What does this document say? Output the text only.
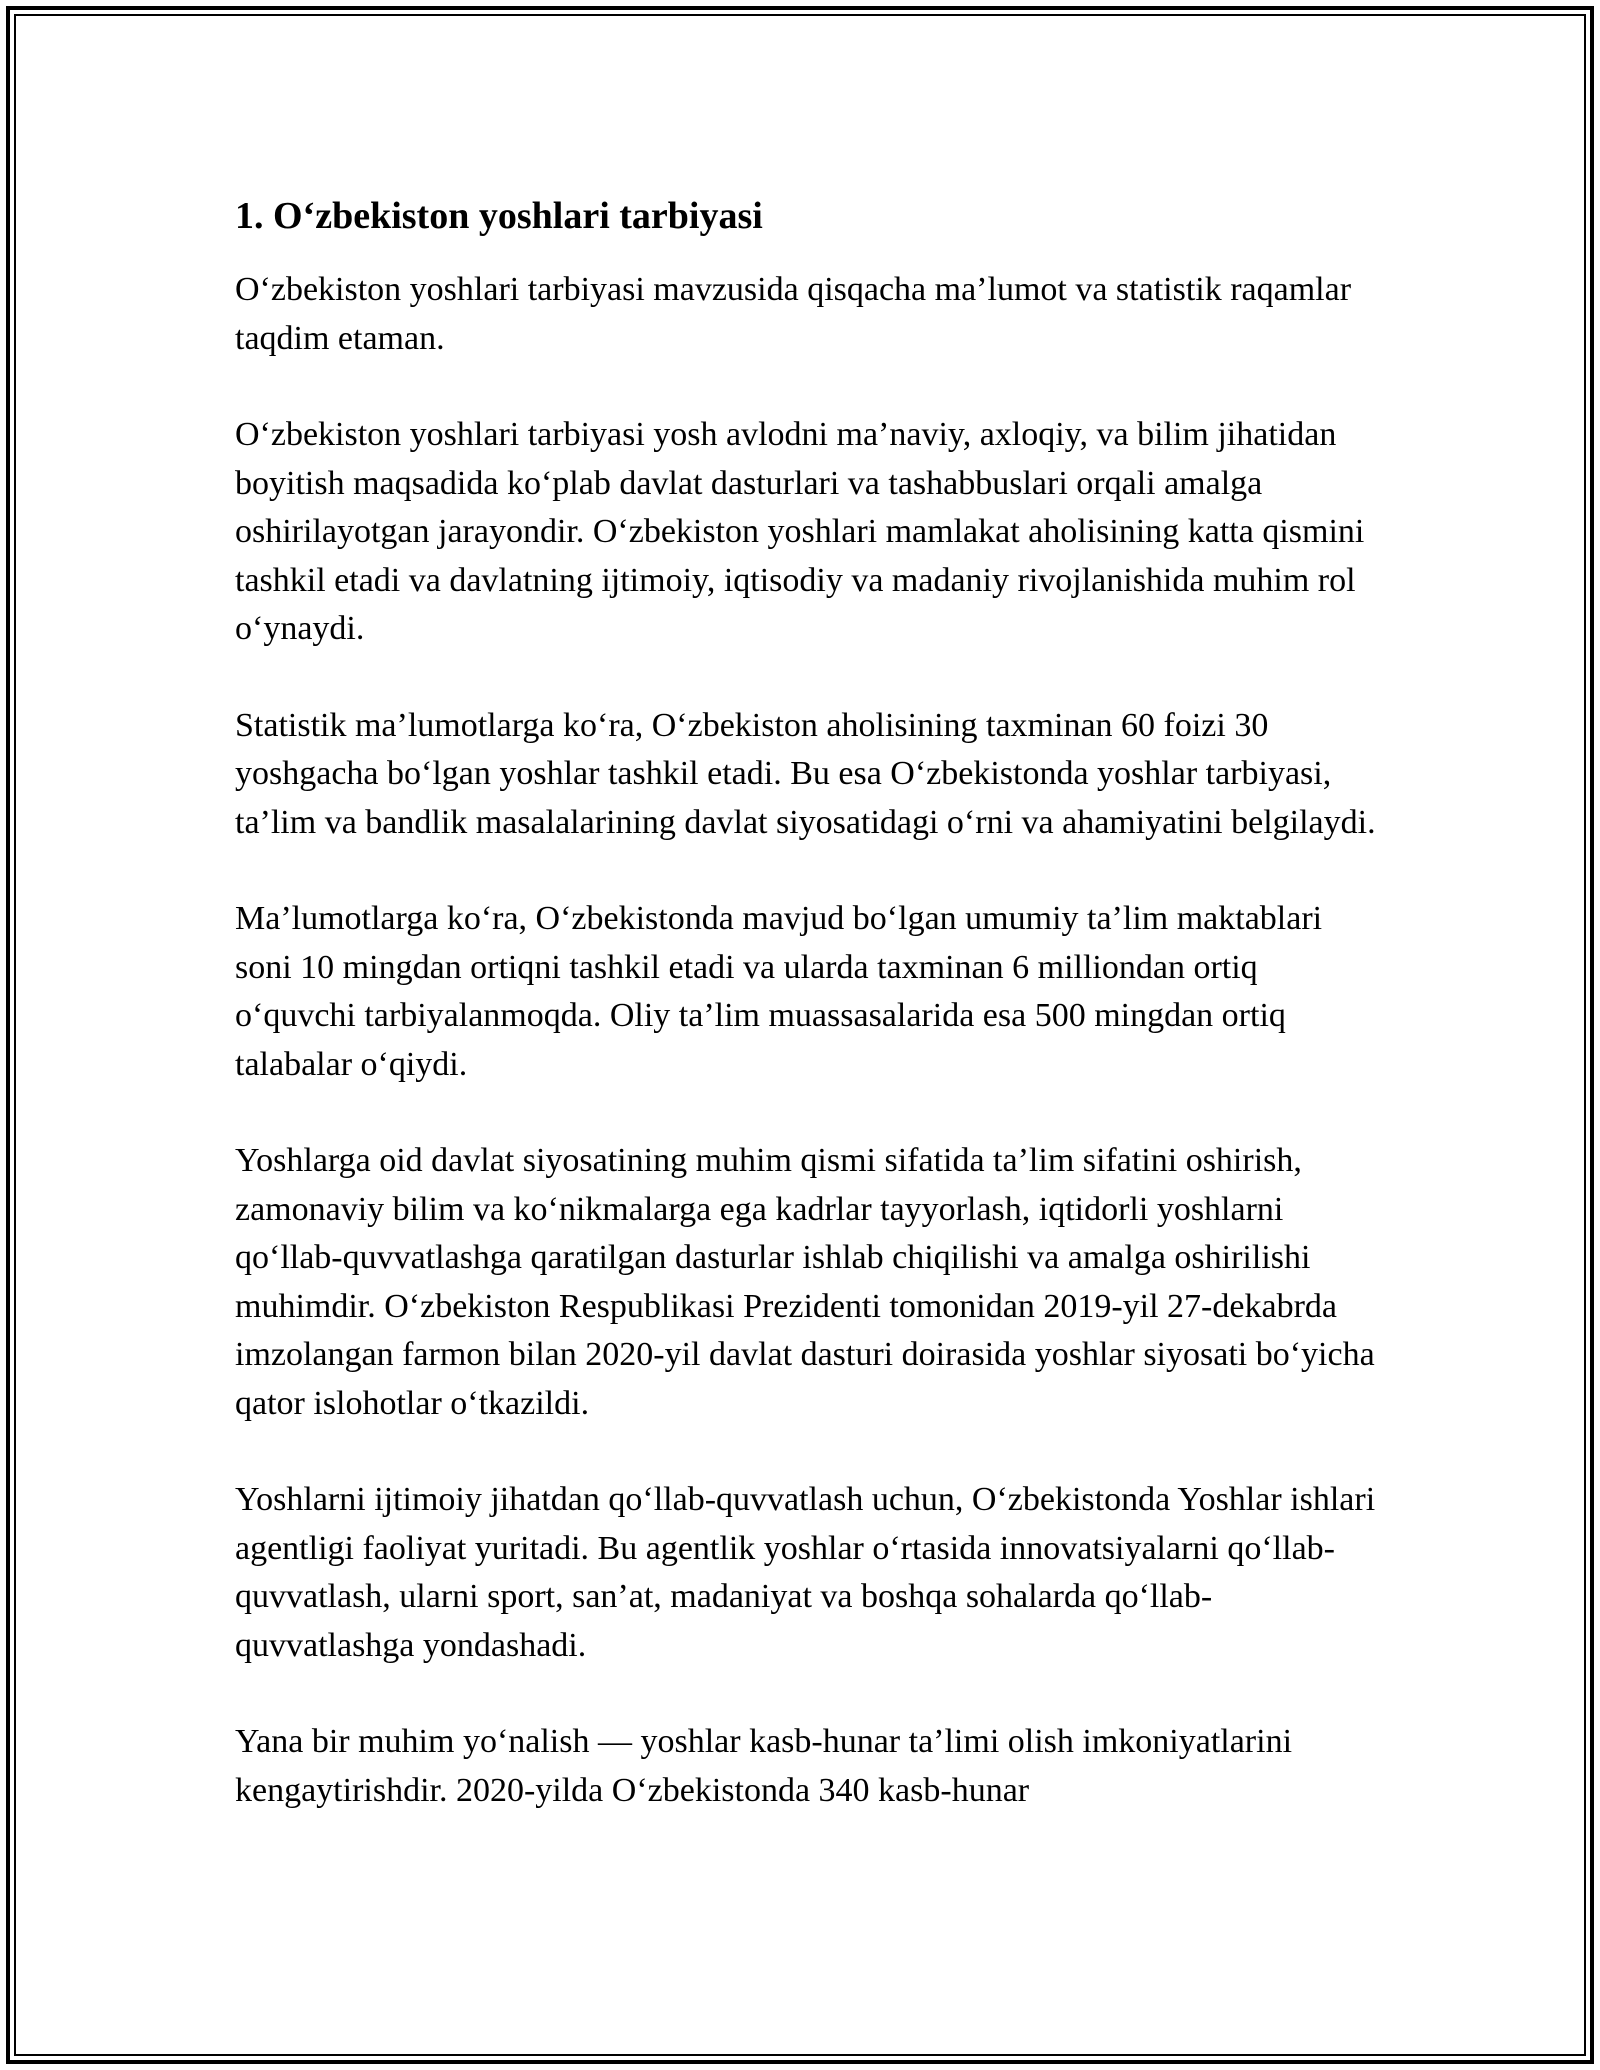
1. O‘zbekiston yoshlari tarbiyasi

O‘zbekiston yoshlari tarbiyasi mavzusida qisqacha ma’lumot va statistik raqamlar taqdim etaman.

O‘zbekiston yoshlari tarbiyasi yosh avlodni ma’naviy, axloqiy, va bilim jihatidan boyitish maqsadida ko‘plab davlat dasturlari va tashabbuslari orqali amalga oshirilayotgan jarayondir. O‘zbekiston yoshlari mamlakat aholisining katta qismini tashkil etadi va davlatning ijtimoiy, iqtisodiy va madaniy rivojlanishida muhim rol o‘ynaydi.

Statistik ma’lumotlarga ko‘ra, O‘zbekiston aholisining taxminan 60 foizi 30 yoshgacha bo‘lgan yoshlar tashkil etadi. Bu esa O‘zbekistonda yoshlar tarbiyasi, ta’lim va bandlik masalalarining davlat siyosatidagi o‘rni va ahamiyatini belgilaydi.

Ma’lumotlarga ko‘ra, O‘zbekistonda mavjud bo‘lgan umumiy ta’lim maktablari soni 10 mingdan ortiqni tashkil etadi va ularda taxminan 6 milliondan ortiq o‘quvchi tarbiyalanmoqda. Oliy ta’lim muassasalarida esa 500 mingdan ortiq talabalar o‘qiydi.

Yoshlarga oid davlat siyosatining muhim qismi sifatida ta’lim sifatini oshirish, zamonaviy bilim va ko‘nikmalarga ega kadrlar tayyorlash, iqtidorli yoshlarni qo‘llab-quvvatlashga qaratilgan dasturlar ishlab chiqilishi va amalga oshirilishi muhimdir. O‘zbekiston Respublikasi Prezidenti tomonidan 2019-yil 27-dekabrda imzolangan farmon bilan 2020-yil davlat dasturi doirasida yoshlar siyosati bo‘yicha qator islohotlar o‘tkazildi.

Yoshlarni ijtimoiy jihatdan qo‘llab-quvvatlash uchun, O‘zbekistonda Yoshlar ishlari agentligi faoliyat yuritadi. Bu agentlik yoshlar o‘rtasida innovatsiyalarni qo‘llab-quvvatlash, ularni sport, san’at, madaniyat va boshqa sohalarda qo‘llab-quvvatlashga yondashadi.

Yana bir muhim yo‘nalish — yoshlar kasb-hunar ta’limi olish imkoniyatlarini kengaytirishdir. 2020-yilda O‘zbekistonda 340 kasb-hunar
